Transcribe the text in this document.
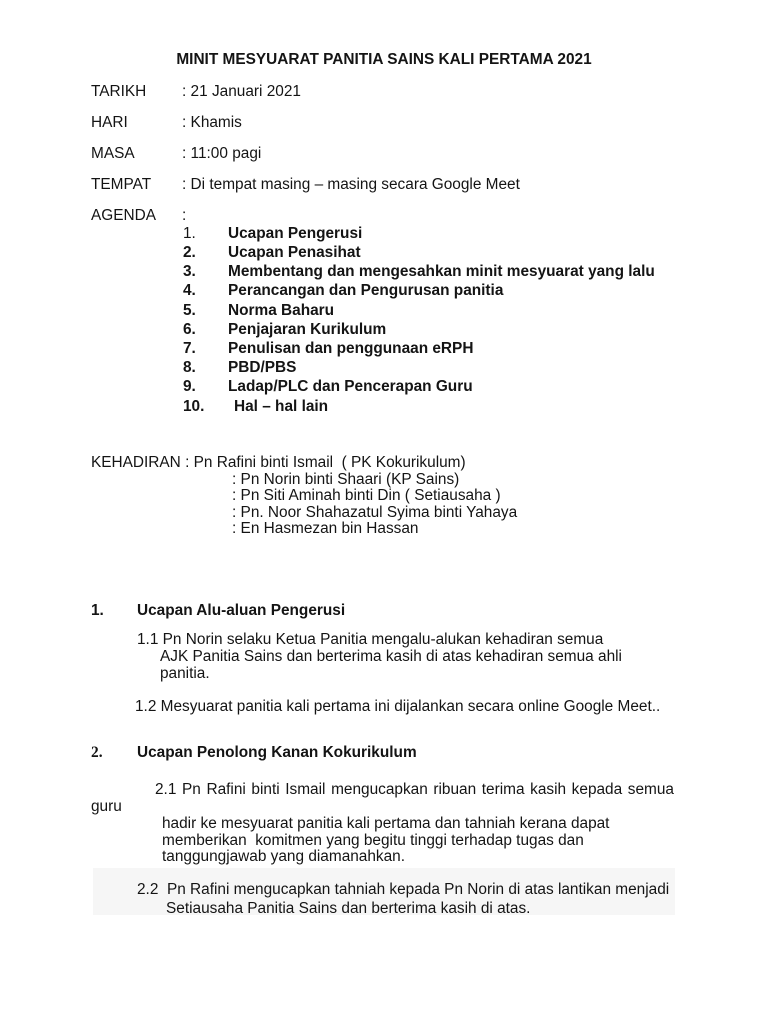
MINIT MESYUARAT PANITIA SAINS KALI PERTAMA 2021
TARIKH : 21 Januari 2021
HARI	: Khamis
MASA	: 11:00 pagi
TEMPAT : Di tempat masing – masing secara Google Meet
AGENDA :
1. Ucapan Pengerusi
2. Ucapan Penasihat
3. Membentang dan mengesahkan minit mesyuarat yang lalu
4. Perancangan dan Pengurusan panitia
5. Norma Baharu
6. Penjajaran Kurikulum
7. Penulisan dan penggunaan eRPH
8. PBD/PBS
9. Ladap/PLC dan Pencerapan Guru
10. Hal – hal lain
KEHADIRAN : Pn Rafini binti Ismail  ( PK Kokurikulum)
: Pn Norin binti Shaari (KP Sains)
: Pn Siti Aminah binti Din ( Setiausaha )
: Pn. Noor Shahazatul Syima binti Yahaya
: En Hasmezan bin Hassan
1. Ucapan Alu-aluan Pengerusi
1.1 Pn Norin selaku Ketua Panitia mengalu-alukan kehadiran semua
AJK Panitia Sains dan berterima kasih di atas kehadiran semua ahli
panitia.
1.2 Mesyuarat panitia kali pertama ini dijalankan secara online Google Meet..
2. Ucapan Penolong Kanan Kokurikulum
2.1 Pn Rafini binti Ismail mengucapkan ribuan terima kasih kepada semua
guru
hadir ke mesyuarat panitia kali pertama dan tahniah kerana dapat
memberikan  komitmen yang begitu tinggi terhadap tugas dan
tanggungjawab yang diamanahkan.
2.2  Pn Rafini mengucapkan tahniah kepada Pn Norin di atas lantikan menjadi
Setiausaha Panitia Sains dan berterima kasih di atas.
